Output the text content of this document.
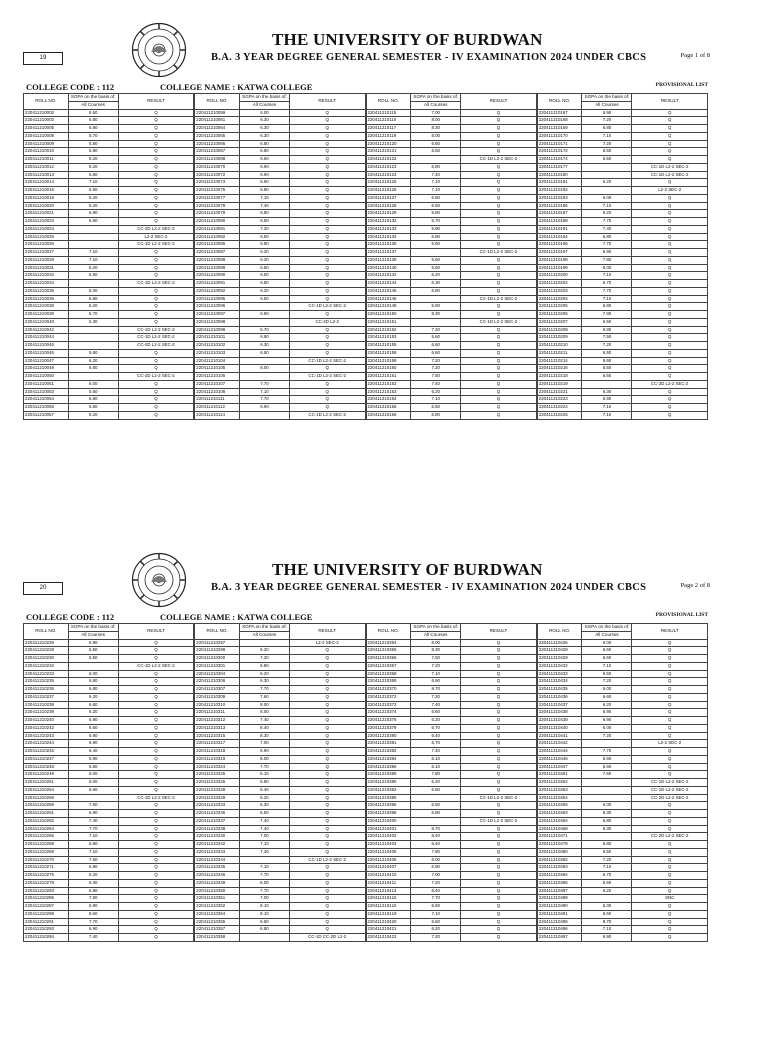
19
THE UNIVERSITY OF BURDWAN
B.A. 3 YEAR DEGREE GENERAL SEMESTER - IV EXAMINATION 2024 UNDER CBCS	Page 1 of 8
COLLEGE CODE : 112	COLLEGE NAME : KATWA COLLEGE	PROVISIONAL LIST
ROLL NO.	SGPA on the basis of:	RESULT
	All Courses	
220411210002	6.50	Q
220411210003	6.80	Q
220411210005	6.80	Q
220411210008	5.70	Q
220411210009	6.80	Q
220411210010	5.90	Q
220411210011	6.20	Q
220411210012	6.20	Q
220411210013	6.80	Q
220411210014	7.10	Q
220411210015	6.50	Q
220411210019	6.20	Q
220411210020	6.20	Q
220411210021	5.90	Q
220411210023	5.60	Q
220411210024		CC-2D L2-2 SEC-2
220411210025		L2-2 SEC-2
220411210026		CC-1D L2-2 SEC-2
220411210027	7.10	Q
220411210028	7.10	Q
220411210031	6.20	Q
220411210032	6.50	Q
220411210034		CC-1D L2-2 SEC-2
220411210035	6.00	Q
220411210036	5.60	Q
220411210038	6.20	Q
220411210039	5.70	Q
220411210040	5.30	Q
220411210042		CC-1D L2-2 SEC-2
220411210044		CC-1D L2-2 SEC-2
220411210045		CC-2D L2-2 SEC-2
220411210046	5.60	Q
220411210047	6.20	Q
220411210049	6.60	Q
220411210050		CC-2D L2-2 SEC-2
220411210051	6.00	Q
220411210053	5.60	Q
220411210054	5.90	Q
220411210055	6.50	Q
220411210057	6.20	Q
ROLL NO.	SGPA on the basis of:	RESULT
	All Courses	
220411210059	6.00	Q
220411210061	6.30	Q
220411210064	6.30	Q
220411210065	6.30	Q
220411210066	6.80	Q
220411210067	6.80	Q
220411210068	6.60	Q
220411210070	6.90	Q
220411210072	6.90	Q
220411210073	6.90	Q
220411210076	6.80	Q
220411210077	7.10	Q
220411210078	7.40	Q
220411210079	6.80	Q
220411210080	6.60	Q
220411210081	7.20	Q
220411210082	6.50	Q
220411210086	5.90	Q
220411210087	6.20	Q
220411210088	6.20	Q
220411210089	6.50	Q
220411210090	6.50	Q
220411210091	6.80	Q
220411210092	6.20	Q
220411210095	6.50	Q
220411210096		CC-1D L2-2 SEC-2
220411210097	6.90	Q
220411210098		CC-2D L2-2
220411210099	5.70	Q
220411210101	6.90	Q
220411210102	6.30	Q
220411210103	6.50	Q
220411210104		CC-1D L2-2 SEC-2
220411210105	8.00	Q
220411210106		CC-1D L2-2 SEC-2
220411210107	7.70	Q
220411210108	7.10	Q
220411210111	7.70	Q
220411210112	6.90	Q
220411210114		CC-1D L2-2 SEC-2
ROLL NO.	SGPA on the basis of:	RESULT
	All Courses	
220411210115	7.00	Q
220411210116	8.00	Q
220411210117	8.30	Q
220411210119	8.00	Q
220411210120	6.60	Q
220411210121	6.50	Q
220411210122		CC-1D L2-2 SEC-2
220411210123	6.80	Q
220411210124	7.40	Q
220411210125	7.10	Q
220411210126	7.10	Q
220411210127	6.80	Q
220411210128	6.50	Q
220411210129	5.80	Q
220411210132	5.70	Q
220411210133	5.90	Q
220411210134	6.80	Q
220411210135	5.90	Q
220411210137		CC-1D L2-2 SEC-2
220411210139	5.60	Q
220411210140	5.60	Q
220411210142	6.20	Q
220411210144	6.30	Q
220411210145	6.80	Q
220411210146		CC-1D L2-2 SEC-2
220411210148	5.90	Q
220411210150	8.30	Q
220411210151		CC-1D L2-2 SEC-2
220411210152	7.20	Q
220411210153	5.60	Q
220411210155	6.60	Q
220411210158	6.60	Q
220411210159	7.20	Q
220411210160	7.20	Q
220411210161	7.50	Q
220411210162	7.40	Q
220411210163	6.20	Q
220411210164	7.10	Q
220411210165	6.50	Q
220411210166	6.80	Q
ROLL NO.	SGPA on the basis of:	RESULT
	All Courses	
220411210167	6.90	Q
220411210168	7.20	Q
220411210169	6.80	Q
220411210170	7.10	Q
220411210171	7.20	Q
220411210172	6.50	Q
220411210174	6.50	Q
220411210177		CC-1D L2-2 SEC-2
220411210180		CC-1D L2-2 SEC-2
220411210181	6.20	Q
220411210182		L2-2 SEC-2
220411210183	6.00	Q
220411210186	7.10	Q
220411210187	6.20	Q
220411210188	7.70	Q
220411210191	7.40	Q
220411210194	6.80	Q
220411210196	7.70	Q
220411210197	6.90	Q
220411210198	7.80	Q
220411210199	8.00	Q
220411210200	7.10	Q
220411210202	6.70	Q
220411210203	7.70	Q
220411210204	7.10	Q
220411210205	6.80	Q
220411210206	7.80	Q
220411210207	6.50	Q
220411210208	6.80	Q
220411210209	7.50	Q
220411210210	7.20	Q
220411210211	6.50	Q
220411210214	5.60	Q
220411210216	6.50	Q
220411210218	6.50	Q
220411210219		CC-2D L2-2 SEC-2
220411210221	6.30	Q
220411210223	6.90	Q
220411210224	7.10	Q
220411210225	7.10	Q
20
THE UNIVERSITY OF BURDWAN
B.A. 3 YEAR DEGREE GENERAL SEMESTER - IV EXAMINATION 2024 UNDER CBCS	Page 2 of 8
COLLEGE CODE : 112	COLLEGE NAME : KATWA COLLEGE	PROVISIONAL LIST
ROLL NO.	SGPA on the basis of:	RESULT
	All Courses	
220411210226	6.90	Q
220411210228	6.50	Q
220411210230	6.50	Q
220411210232		CC-1D L2-2 SEC-2
220411210233	6.00	Q
220411210235	6.80	Q
220411210236	6.80	Q
220411210237	6.20	Q
220411210238	6.80	Q
220411210239	6.20	Q
220411210240	6.90	Q
220411210242	6.60	Q
220411210243	5.90	Q
220411210244	6.90	Q
220411210245	6.40	Q
220411210247	5.90	Q
220411210248	6.50	Q
220411210249	6.00	Q
220411210251	6.00	Q
220411210254	6.60	Q
220411210256		CC-1D L2-2 SEC-2
220411210259	7.50	Q
220411210261	6.90	Q
220411210262	7.40	Q
220411210264	7.70	Q
220411210266	7.10	Q
220411210268	6.80	Q
220411210269	7.10	Q
220411210270	7.50	Q
220411210271	6.80	Q
220411210275	6.20	Q
220411210278	6.30	Q
220411210283	6.80	Q
220411210285	7.80	Q
220411210287	6.90	Q
220411210289	8.60	Q
220411210291	7.70	Q
220411210293	6.90	Q
220411210294	7.40	Q
ROLL NO.	SGPA on the basis of:	RESULT
	All Courses	
220411210297		L2-2 SEC-2
220411210299	6.20	Q
220411210300	7.20	Q
220411210301	6.80	Q
220411210304	6.20	Q
220411210306	6.30	Q
220411210307	7.70	Q
220411210309	7.60	Q
220411210310	8.00	Q
220411210311	8.00	Q
220411210312	7.40	Q
220411210313	8.40	Q
220411210315	8.30	Q
220411210317	7.00	Q
220411210318	6.90	Q
220411210319	8.00	Q
220411210324	7.70	Q
220411210325	5.10	Q
220411210326	6.80	Q
220411210328	6.40	Q
220411210329	6.20	Q
220411210333	6.30	Q
220411210336	6.50	Q
220411210337	7.40	Q
220411210338	7.40	Q
220411210340	7.00	Q
220411210342	7.10	Q
220411210343	7.40	Q
220411210344		CC-1D L2-2 SEC-2
220411210345	7.10	Q
220411210346	7.70	Q
220411210349	8.00	Q
220411210350	7.70	Q
220411210351	7.00	Q
220411210352	8.10	Q
220411210354	8.10	Q
220411210355	6.50	Q
220411210357	6.80	Q
220411210358		CC-1D CC-2D L2-2
ROLL NO.	SGPA on the basis of:	RESULT
	All Courses	
220411210364	8.00	Q
220411210365	8.30	Q
220411210366	7.50	Q
220411210367	7.20	Q
220411210368	7.10	Q
220411210369	6.90	Q
220411210370	8.70	Q
220411210372	7.20	Q
220411210373	7.40	Q
220411210374	6.60	Q
220411210376	6.20	Q
220411210379	6.70	Q
220411210380	6.40	Q
220411210381	6.70	Q
220411210382	7.40	Q
220411210384	6.10	Q
220411210386	6.10	Q
220411210389	7.80	Q
220411210390	6.20	Q
220411210392	6.80	Q
220411210395		CC-1D L2-2 SEC-2
220411210396	6.50	Q
220411210398	6.80	Q
220411210400		CC-1D L2-2 SEC-2
220411210401	8.70	Q
220411210402	8.40	Q
220411210404	6.40	Q
220411210405	7.80	Q
220411210406	6.00	Q
220411210407	6.90	Q
220411210410	7.00	Q
220411210411	7.20	Q
220411210414	6.40	Q
220411210415	7.70	Q
220411210416	6.60	Q
220411210419	7.10	Q
220411210420	6.60	Q
220411210421	6.20	Q
220411210422	7.20	Q
ROLL NO.	SGPA on the basis of:	RESULT
	All Courses	
220411210426	6.00	Q
220411210428	6.60	Q
220411210429	6.60	Q
220411210432	7.10	Q
220411210433	6.50	Q
220411210434	7.20	Q
220411210435	6.00	Q
220411210436	6.60	Q
220411210437	6.20	Q
220411210438	6.90	Q
220411210439	6.90	Q
220411210440	6.00	Q
220411210441	7.20	Q
220411210442		L2-2 SEC-2
220411210444	7.70	Q
220411210446	5.90	Q
220411210447	6.90	Q
220411210451	7.50	Q
220411210452		CC-1D L2-2 SEC-2
220411210453		CC-1D L2-2 SEC-2
220411210454		CC-2D L2-2 SEC-2
220411210455	6.00	Q
220411210463	6.30	Q
220411210464	6.80	Q
220411210468	5.30	Q
220411210471		CC-2D L2-2 SEC-2
220411210478	6.80	Q
220411210480	6.50	Q
220411210482	7.20	Q
220411210483	7.10	Q
220411210484	6.70	Q
220411210485	5.60	Q
220411210487	6.20	Q
220411210489		SNC
220411210490	5.30	Q
220411210491	5.60	Q
220411210495	8.70	Q
220411210496	7.10	Q
220411210497	6.90	Q
